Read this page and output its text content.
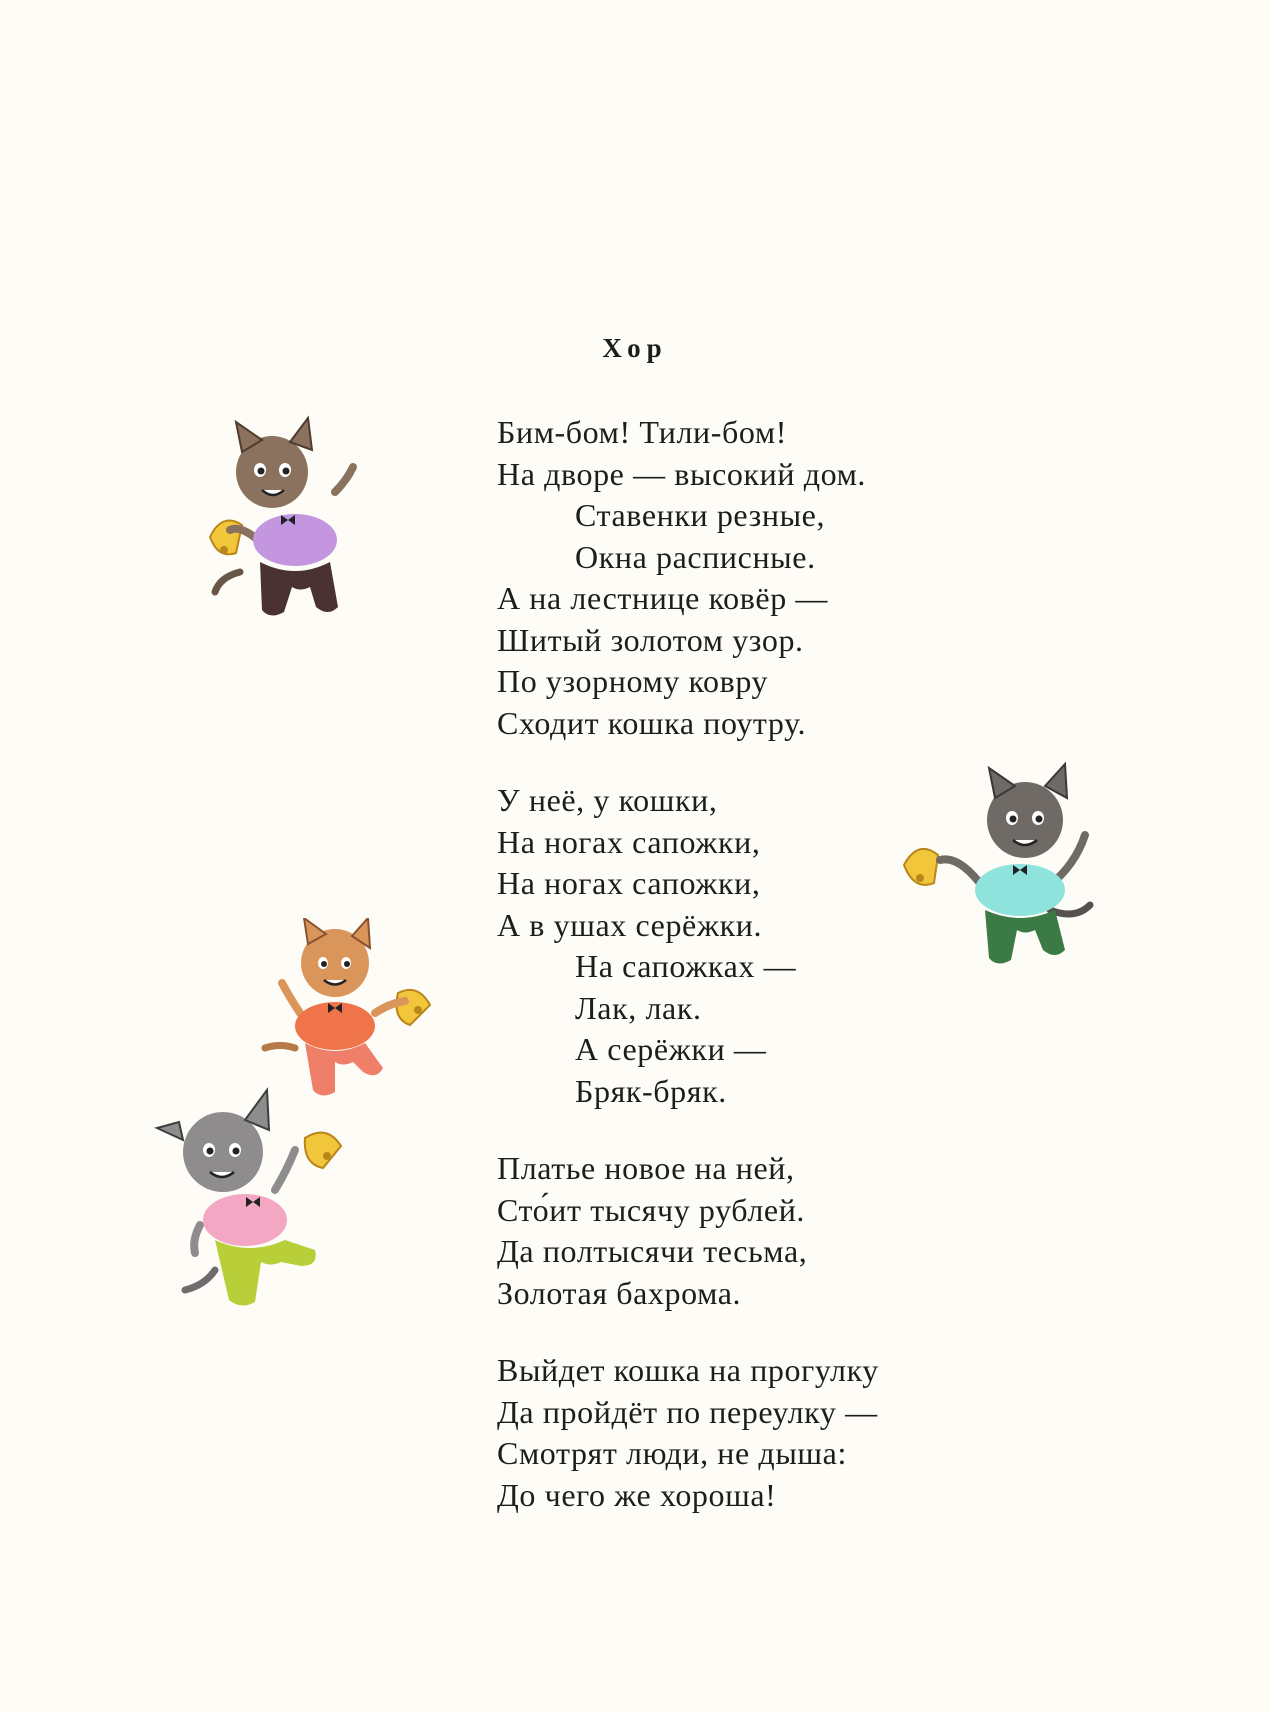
Хор
Бим-бом! Тили-бом!
На дворе — высокий дом.
Ставенки резные,
Окна расписные.
А на лестнице ковёр —
Шитый золотом узор.
По узорному ковру
Сходит кошка поутру.
У неё, у кошки,
На ногах сапожки,
На ногах сапожки,
А в ушах серёжки.
На сапожках —
Лак, лак.
А серёжки —
Бряк-бряк.
Платье новое на ней,
Сто́ит тысячу рублей.
Да полтысячи тесьма,
Золотая бахрома.
Выйдет кошка на прогулку
Да пройдёт по переулку —
Смотрят люди, не дыша:
До чего же хороша!
